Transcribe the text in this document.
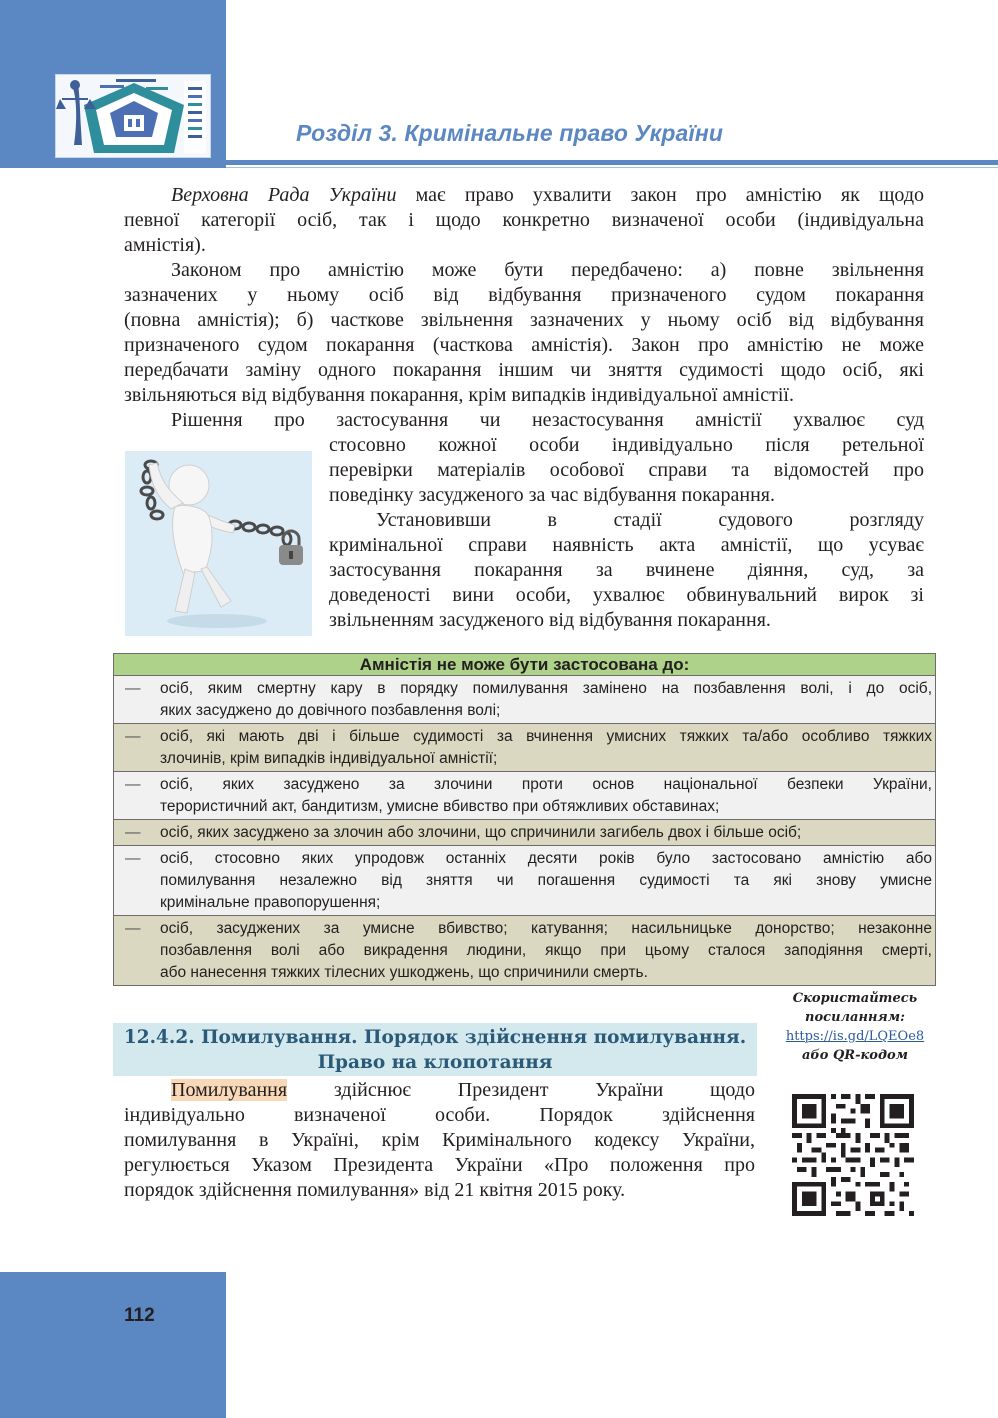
Розділ 3. Кримінальне право України
112
Верховна Рада України має право ухвалити закон про амністію як щодо
певної категорії осіб, так і щодо конкретно визначеної особи (індивідуальна
амністія).
Законом про амністію може бути передбачено: а) повне звільнення
зазначених у ньому осіб від відбування призначеного судом покарання
(повна амністія); б) часткове звільнення зазначених у ньому осіб від відбування
призначеного судом покарання (часткова амністія). Закон про амністію не може
передбачати заміну одного покарання іншим чи зняття судимості щодо осіб, які
звільняються від відбування покарання, крім випадків індивідуальної амністії.
Рішення про застосування чи незастосування амністії ухвалює суд
стосовно кожної особи індивідуально після ретельної
перевірки матеріалів особової справи та відомостей про
поведінку засудженого за час відбування покарання.
Установивши в стадії судового розгляду
кримінальної справи наявність акта амністії, що усуває
застосування покарання за вчинене діяння, суд, за
доведеності вини особи, ухвалює обвинувальний вирок зі
звільненням засудженого від відбування покарання.
Амністія не може бути застосована до:
— осіб, яким смертну кару в порядку помилування замінено на позбавлення волі, і до осіб,
яких засуджено до довічного позбавлення волі;
— осіб, які мають дві і більше судимості за вчинення умисних тяжких та/або особливо тяжких
злочинів, крім випадків індивідуальної амністії;
— осіб, яких засуджено за злочини проти основ національної безпеки України,
терористичний акт, бандитизм, умисне вбивство при обтяжливих обставинах;
— осіб, яких засуджено за злочин або злочини, що спричинили загибель двох і більше осіб;
— осіб, стосовно яких упродовж останніх десяти років було застосовано амністію або
помилування незалежно від зняття чи погашення судимості та які знову умисне
кримінальне правопорушення;
— осіб, засуджених за умисне вбивство; катування; насильницьке донорство; незаконне
позбавлення волі або викрадення людини, якщо при цьому сталося заподіяння смерті,
або нанесення тяжких тілесних ушкоджень, що спричинили смерть.
Скористайтесь
посиланням:
https://is.gd/LQEOe8
або QR-кодом
12.4.2. Помилування. Порядок здійснення помилування.
Право на клопотання
Помилування здійснює Президент України щодо
індивідуально визначеної особи. Порядок здійснення
помилування в Україні, крім Кримінального кодексу України,
регулюється Указом Президента України «Про положення про
порядок здійснення помилування» від 21 квітня 2015 року.
